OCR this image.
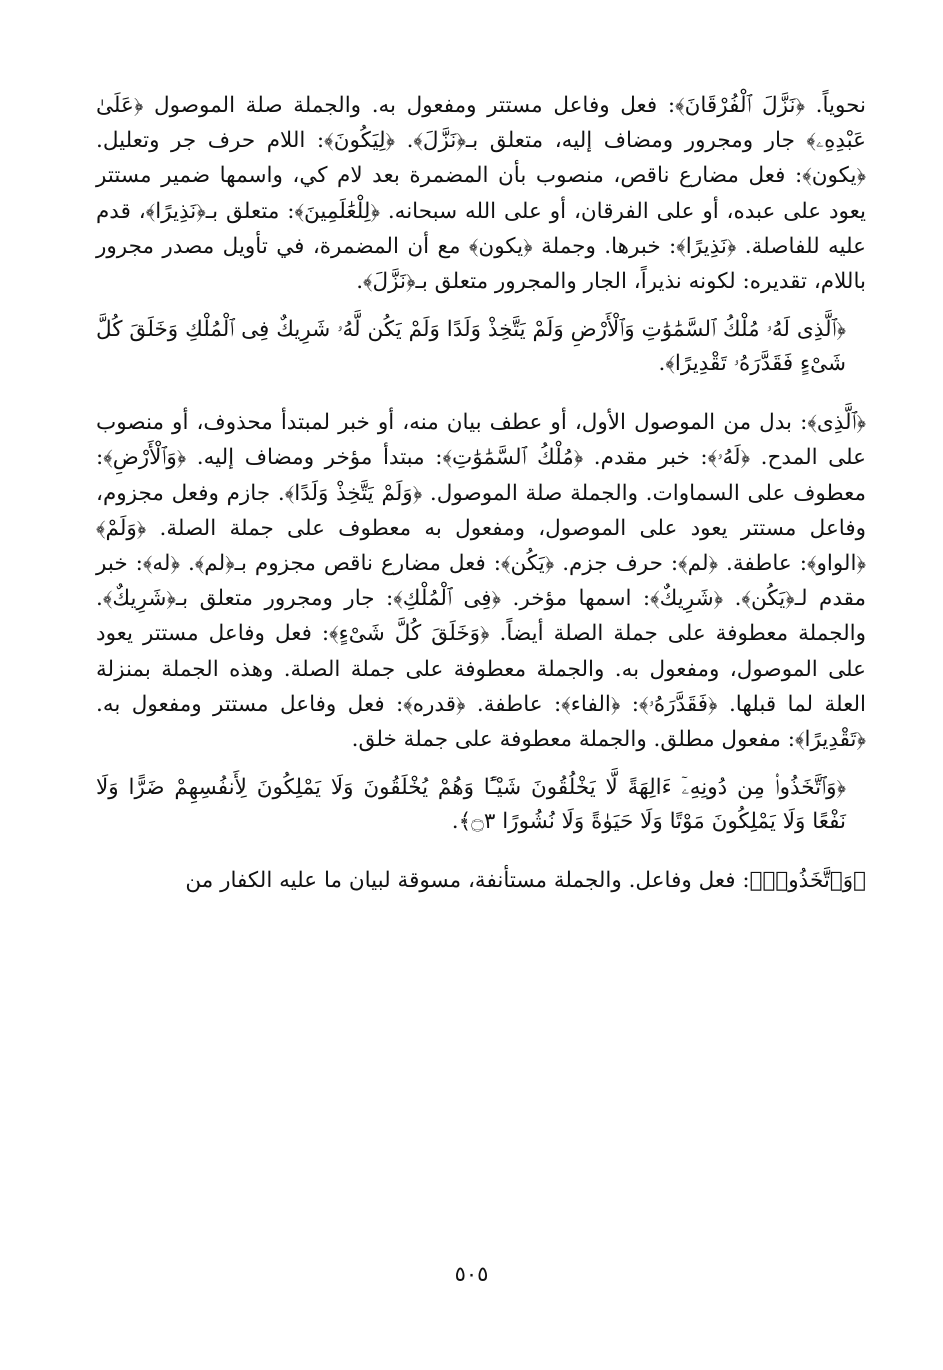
نحوياً. ﴿نَزَّلَ ٱلْفُرْقَانَ﴾: فعل وفاعل مستتر ومفعول به. والجملة صلة الموصول ﴿عَلَىٰ عَبْدِهِۦ﴾ جار ومجرور ومضاف إليه، متعلق بـ﴿نَزَّلَ﴾. ﴿لِيَكُونَ﴾: اللام حرف جر وتعليل. ﴿يكون﴾: فعل مضارع ناقص، منصوب بأن المضمرة بعد لام كي، واسمها ضمير مستتر يعود على عبده، أو على الفرقان، أو على الله سبحانه. ﴿لِلْعَٰلَمِينَ﴾: متعلق بـ﴿نَذِيرًا﴾، قدم عليه للفاصلة. ﴿نَذِيرًا﴾: خبرها. وجملة ﴿يكون﴾ مع أن المضمرة، في تأويل مصدر مجرور باللام، تقديره: لكونه نذيراً، الجار والمجرور متعلق بـ﴿نَزَّلَ﴾.

﴿ٱلَّذِى لَهُۥ مُلْكُ ٱلسَّمَٰوَٰتِ وَٱلْأَرْضِ وَلَمْ يَتَّخِذْ وَلَدًا وَلَمْ يَكُن لَّهُۥ شَرِيكٌ فِى ٱلْمُلْكِ وَخَلَقَ كُلَّ شَىْءٍ فَقَدَّرَهُۥ تَقْدِيرًا﴾.

﴿ٱلَّذِى﴾: بدل من الموصول الأول، أو عطف بيان منه، أو خبر لمبتدأ محذوف، أو منصوب على المدح. ﴿لَهُۥ﴾: خبر مقدم. ﴿مُلْكُ ٱلسَّمَٰوَٰتِ﴾: مبتدأ مؤخر ومضاف إليه. ﴿وَٱلْأَرْضِ﴾: معطوف على السماوات. والجملة صلة الموصول. ﴿وَلَمْ يَتَّخِذْ وَلَدًا﴾. جازم وفعل مجزوم، وفاعل مستتر يعود على الموصول، ومفعول به معطوف على جملة الصلة. ﴿وَلَمْ﴾ ﴿الواو﴾: عاطفة. ﴿لم﴾: حرف جزم. ﴿يَكُن﴾: فعل مضارع ناقص مجزوم بـ﴿لم﴾. ﴿له﴾: خبر مقدم لـ﴿يَكُن﴾. ﴿شَرِيكٌ﴾: اسمها مؤخر. ﴿فِى ٱلْمُلْكِ﴾: جار ومجرور متعلق بـ﴿شَرِيكٌ﴾. والجملة معطوفة على جملة الصلة أيضاً. ﴿وَخَلَقَ كُلَّ شَىْءٍ﴾: فعل وفاعل مستتر يعود على الموصول، ومفعول به. والجملة معطوفة على جملة الصلة. وهذه الجملة بمنزلة العلة لما قبلها. ﴿فَقَدَّرَهُۥ﴾: ﴿الفاء﴾: عاطفة. ﴿قدره﴾: فعل وفاعل مستتر ومفعول به. ﴿تَقْدِيرًا﴾: مفعول مطلق. والجملة معطوفة على جملة خلق.

﴿وَٱتَّخَذُوا۟ مِن دُونِهِۦٓ ءَالِهَةً لَّا يَخْلُقُونَ شَيْـًٔا وَهُمْ يُخْلَقُونَ وَلَا يَمْلِكُونَ لِأَنفُسِهِمْ ضَرًّا وَلَا نَفْعًا وَلَا يَمْلِكُونَ مَوْتًا وَلَا حَيَوٰةً وَلَا نُشُورًا ۝٣﴾.

﴿وَٱتَّخَذُوا۟﴾: فعل وفاعل. والجملة مستأنفة، مسوقة لبيان ما عليه الكفار من

٥٠٥
